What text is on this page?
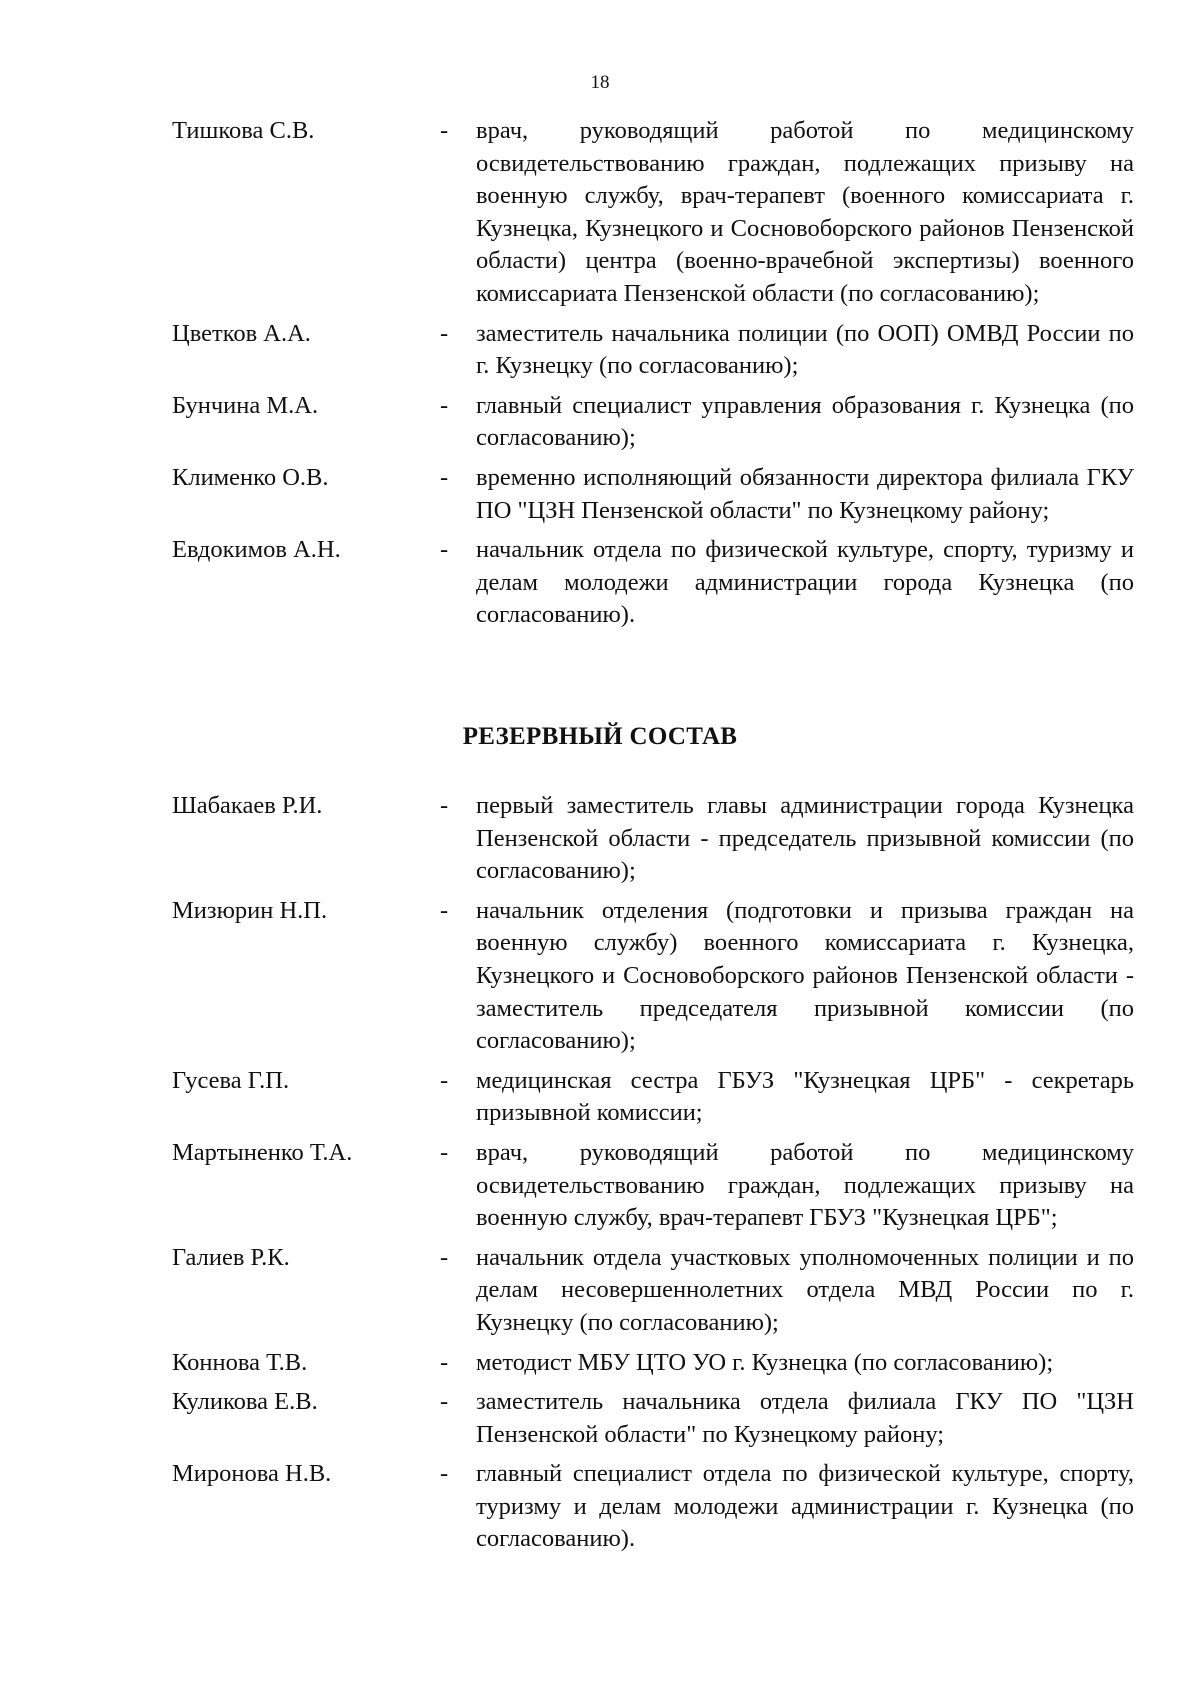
18
Тишкова С.В.	-	врач, руководящий работой по медицинскому освидетельствованию граждан, подлежащих призыву на военную службу, врач-терапевт (военного комиссариата г. Кузнецка, Кузнецкого и Сосновоборского районов Пензенской области) центра (военно-врачебной экспертизы) военного комиссариата Пензенской области (по согласованию);
Цветков А.А.	-	заместитель начальника полиции (по ООП) ОМВД России по г. Кузнецку (по согласованию);
Бунчина М.А.	-	главный специалист управления образования г. Кузнецка (по согласованию);
Клименко О.В.	-	временно исполняющий обязанности директора филиала ГКУ ПО "ЦЗН Пензенской области" по Кузнецкому району;
Евдокимов А.Н.	-	начальник отдела по физической культуре, спорту, туризму и делам молодежи администрации города Кузнецка (по согласованию).
РЕЗЕРВНЫЙ СОСТАВ
Шабакаев Р.И.	-	первый заместитель главы администрации города Кузнецка Пензенской области - председатель призывной комиссии (по согласованию);
Мизюрин Н.П.	-	начальник отделения (подготовки и призыва граждан на военную службу) военного комиссариата г. Кузнецка, Кузнецкого и Сосновоборского районов Пензенской области - заместитель председателя призывной комиссии (по согласованию);
Гусева Г.П.	-	медицинская сестра ГБУЗ "Кузнецкая ЦРБ" - секретарь призывной комиссии;
Мартыненко Т.А.	-	врач, руководящий работой по медицинскому освидетельствованию граждан, подлежащих призыву на военную службу, врач-терапевт ГБУЗ "Кузнецкая ЦРБ";
Галиев Р.К.	-	начальник отдела участковых уполномоченных полиции и по делам несовершеннолетних отдела МВД России по г. Кузнецку (по согласованию);
Коннова Т.В.	-	методист МБУ ЦТО УО г. Кузнецка (по согласованию);
Куликова Е.В.	-	заместитель начальника отдела филиала ГКУ ПО "ЦЗН Пензенской области" по Кузнецкому району;
Миронова Н.В.	-	главный специалист отдела по физической культуре, спорту, туризму и делам молодежи администрации г. Кузнецка (по согласованию).
